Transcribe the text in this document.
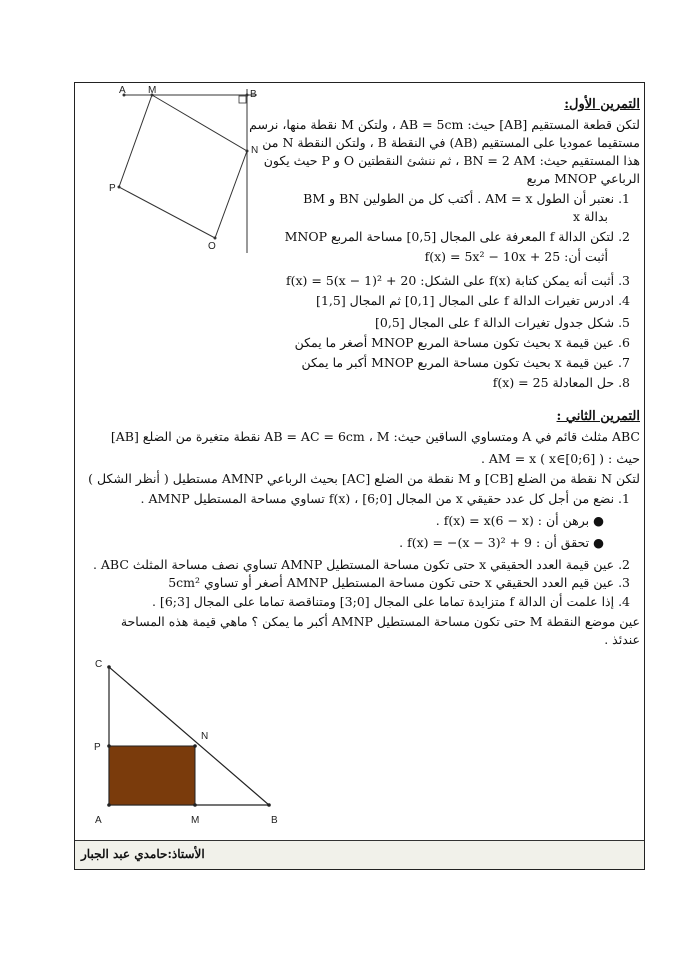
A M	B
N
P
O
التمرين الأول:
لتكن قطعة المستقيم [AB] حيث: AB = 5cm ، ولتكن M نقطة منها، نرسم
مستقيما عموديا على المستقيم (AB) في النقطة B ، ولتكن النقطة N من
هذا المستقيم حيث: BN = 2 AM ، ثم ننشئ النقطتين O و P حيث يكون
الرباعي MNOP مربع
1. نعتبر أن الطول AM = x . أكتب كل من الطولين BN و BM
بدالة x
2. لتكن الدالة f المعرفة على المجال [0,5] مساحة المربع MNOP
أثبت أن: f(x) = 5x² − 10x + 25
3. أثبت أنه يمكن كتابة f(x) على الشكل: f(x) = 5(x − 1)² + 20
4. ادرس تغيرات الدالة f على المجال [0,1] ثم المجال [1,5]
5. شكل جدول تغيرات الدالة f على المجال [0,5]
6. عين قيمة x بحيث تكون مساحة المربع MNOP أصغر ما يمكن
7. عين قيمة x بحيث تكون مساحة المربع MNOP أكبر ما يمكن
8. حل المعادلة f(x) = 25
التمرين الثاني :
ABC مثلث قائم في A ومتساوي الساقين حيث: AB = AC = 6cm ، M نقطة متغيرة من الضلع [AB]
حيث : AM = x ( x∈[0;6] ) .
لتكن N نقطة من الضلع [CB] و M نقطة من الضلع [AC] بحيث الرباعي AMNP مستطيل ( أنظر الشكل )
1. نضع من أجل كل عدد حقيقي x من المجال [0;6] ، f(x) تساوي مساحة المستطيل AMNP .
● برهن أن : f(x) = x(6 − x) .
● تحقق أن : f(x) = −(x − 3)² + 9 .
2. عين قيمة العدد الحقيقي x حتى تكون مساحة المستطيل AMNP تساوي نصف مساحة المثلث ABC .
3. عين قيم العدد الحقيقي x حتى تكون مساحة المستطيل AMNP أصغر أو تساوي 5cm²
4. إذا علمت أن الدالة f متزايدة تماما على المجال [0;3] ومتناقصة تماما على المجال [3;6] .
عين موضع النقطة M حتى تكون مساحة المستطيل AMNP أكبر ما يمكن ؟ ماهي قيمة هذه المساحة
عندئذ .
C
N
P
A	M	B
الأستاذ:حامدي عبد الجبار
